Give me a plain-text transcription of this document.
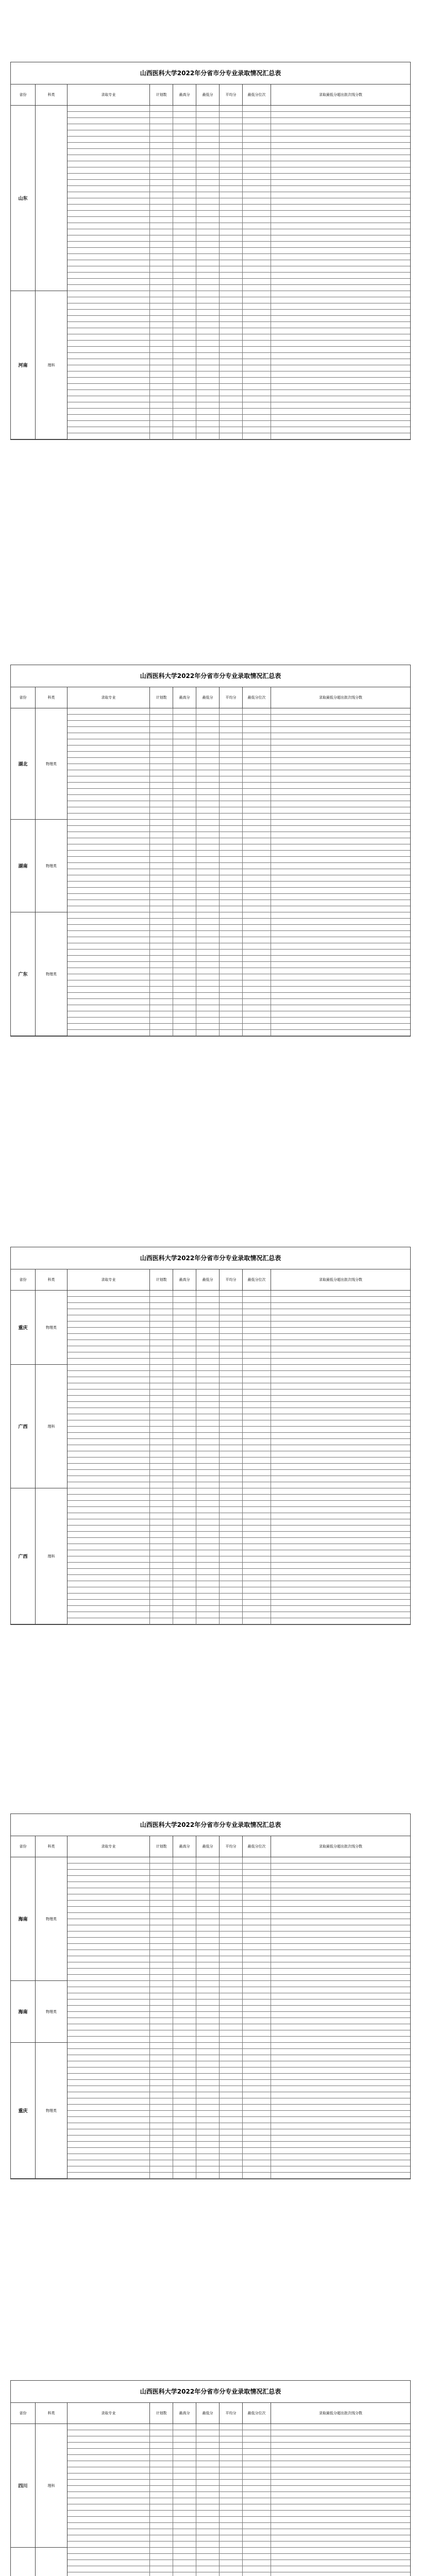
山西医科大学2022年分省市分专业录取情况汇总表
省份	科类	录取专业	计划数	最高分	最低分	平均分	最低分位次	录取最低分超出批次线分数
山东
河南	理科
山西医科大学2022年分省市分专业录取情况汇总表
省份	科类	录取专业	计划数	最高分	最低分	平均分	最低分位次	录取最低分超出批次线分数
湖北	物理类
湖南	物理类
广东	物理类
山西医科大学2022年分省市分专业录取情况汇总表
省份	科类	录取专业	计划数	最高分	最低分	平均分	最低分位次	录取最低分超出批次线分数
重庆	物理类
广西	理科
广西	理科
山西医科大学2022年分省市分专业录取情况汇总表
省份	科类	录取专业	计划数	最高分	最低分	平均分	最低分位次	录取最低分超出批次线分数
海南	物理类
海南	物理类
重庆	物理类
山西医科大学2022年分省市分专业录取情况汇总表
省份	科类	录取专业	计划数	最高分	最低分	平均分	最低分位次	录取最低分超出批次线分数
四川	理科
